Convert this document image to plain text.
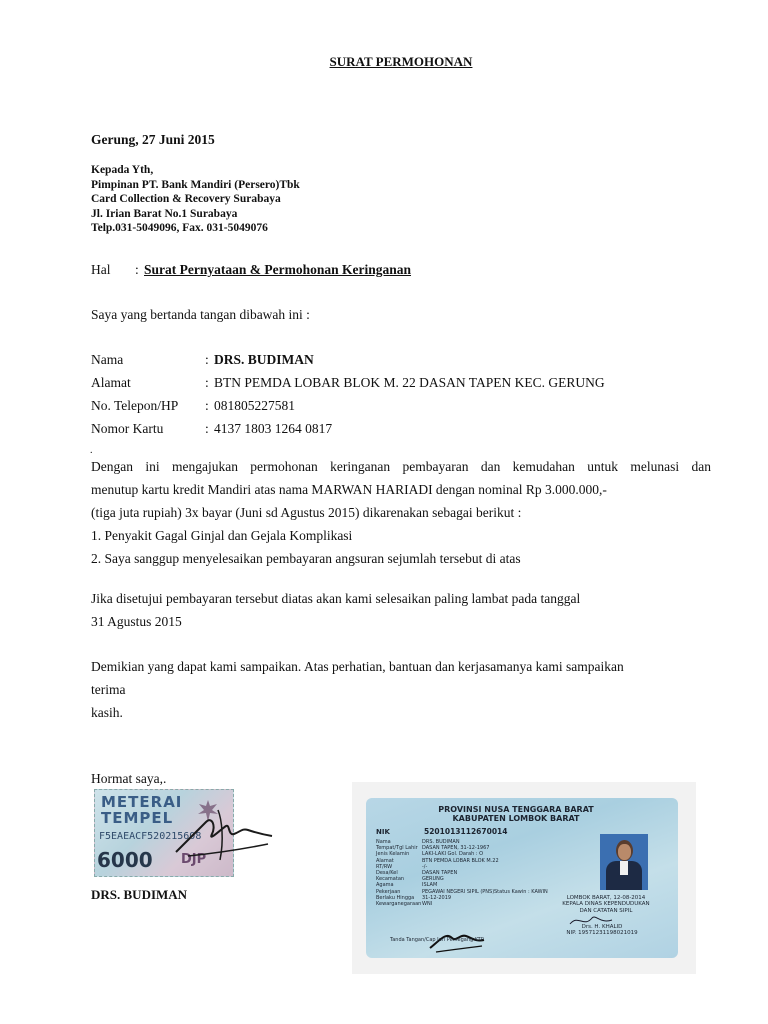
SURAT PERMOHONAN
Gerung, 27 Juni 2015
Kepada Yth,
Pimpinan PT. Bank Mandiri (Persero)Tbk
Card Collection & Recovery Surabaya
Jl. Irian Barat No.1 Surabaya
Telp.031-5049096, Fax. 031-5049076
Hal : Surat Pernyataan & Permohonan Keringanan
Saya yang bertanda tangan dibawah ini :
Nama	: DRS. BUDIMAN
Alamat	: BTN PEMDA LOBAR BLOK M. 22 DASAN TAPEN KEC. GERUNG
No. Telepon/HP : 081805227581
Nomor Kartu	: 4137 1803 1264 0817
.
Dengan ini mengajukan permohonan keringanan pembayaran dan kemudahan untuk melunasi dan
menutup kartu kredit Mandiri atas nama MARWAN HARIADI dengan nominal Rp 3.000.000,-
(tiga juta rupiah) 3x bayar (Juni sd Agustus 2015) dikarenakan sebagai berikut :
1. Penyakit Gagal Ginjal dan Gejala Komplikasi
2. Saya sanggup menyelesaikan pembayaran angsuran sejumlah tersebut di atas
Jika disetujui pembayaran tersebut diatas akan kami selesaikan paling lambat pada tanggal
31 Agustus 2015
Demikian yang dapat kami sampaikan. Atas perhatian, bantuan dan kerjasamanya kami sampaikan
terima
kasih.
Hormat saya,.
METERAI
TEMPEL
F5EAEACF520215608
6000 DJP
DRS. BUDIMAN
PROVINSI NUSA TENGGARA BARAT
KABUPATEN LOMBOK BARAT
NIK	5201013112670014
Nama	DRS. BUDIMAN
Tempat/Tgl Lahir DASAN TAPEN, 31-12-1967
Jenis Kelamin	LAKI-LAKI Gol. Darah : O
Alamat	BTN PEMDA LOBAR BLOK M.22
RT/RW	-/-
Desa/Kel	DASAN TAPEN
Kecamatan	GERUNG
Agama	ISLAM
Pekerjaan	PEGAWAI NEGERI SIPIL (PNS)
Berlaku Hingga 31-12-2019
Kewarganegaraan WNI
Status Kawin : KAWIN
LOMBOK BARAT, 12-08-2014
KEPALA DINAS KEPENDUDUKAN
DAN CATATAN SIPIL
Drs. H. KHALID
NIP. 19571231198021019
Tanda Tangan/Cap Jari Pemegang KTP
